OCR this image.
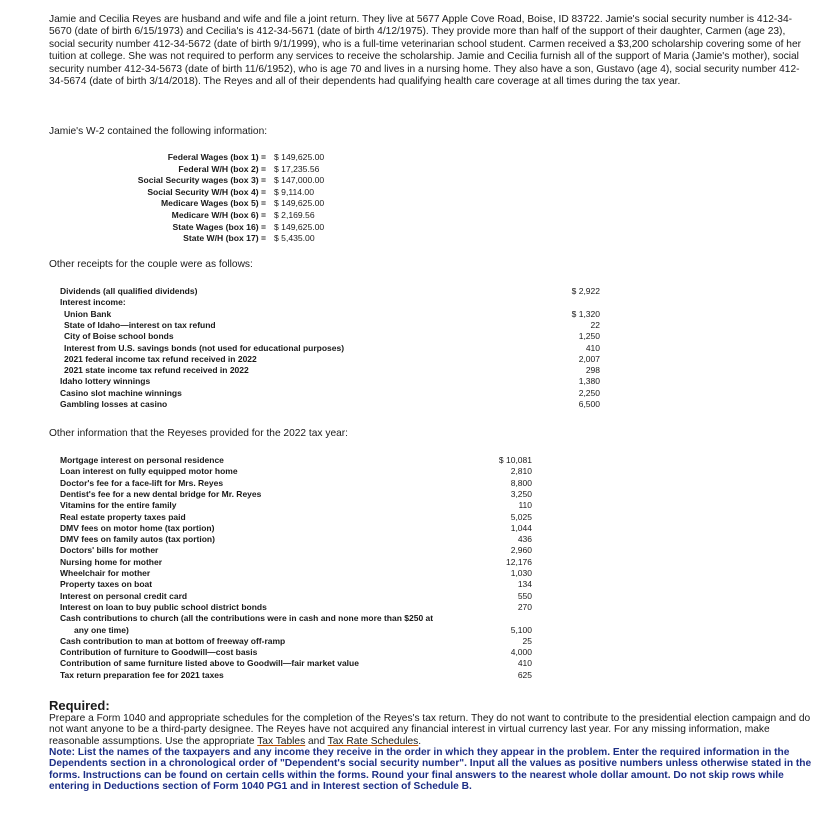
Jamie and Cecilia Reyes are husband and wife and file a joint return. They live at 5677 Apple Cove Road, Boise, ID 83722. Jamie's social security number is 412-34-5670 (date of birth 6/15/1973) and Cecilia's is 412-34-5671 (date of birth 4/12/1975). They provide more than half of the support of their daughter, Carmen (age 23), social security number 412-34-5672 (date of birth 9/1/1999), who is a full-time veterinarian school student. Carmen received a $3,200 scholarship covering some of her tuition at college. She was not required to perform any services to receive the scholarship. Jamie and Cecilia furnish all of the support of Maria (Jamie's mother), social security number 412-34-5673 (date of birth 11/6/1952), who is age 70 and lives in a nursing home. They also have a son, Gustavo (age 4), social security number 412-34-5674 (date of birth 3/14/2018). The Reyes and all of their dependents had qualifying health care coverage at all times during the tax year.
Jamie's W-2 contained the following information:
Federal Wages (box 1) = $ 149,625.00
Federal W/H (box 2) = $ 17,235.56
Social Security wages (box 3) = $ 147,000.00
Social Security W/H (box 4) = $ 9,114.00
Medicare Wages (box 5) = $ 149,625.00
Medicare W/H (box 6) = $ 2,169.56
State Wages (box 16) = $ 149,625.00
State W/H (box 17) = $ 5,435.00
Other receipts for the couple were as follows:
Dividends (all qualified dividends)	$ 2,922
Interest income:
Union Bank	$ 1,320
State of Idaho—interest on tax refund	22
City of Boise school bonds	1,250
Interest from U.S. savings bonds (not used for educational purposes)	410
2021 federal income tax refund received in 2022	2,007
2021 state income tax refund received in 2022	298
Idaho lottery winnings	1,380
Casino slot machine winnings	2,250
Gambling losses at casino	6,500
Other information that the Reyeses provided for the 2022 tax year:
Mortgage interest on personal residence	$ 10,081
Loan interest on fully equipped motor home	2,810
Doctor's fee for a face-lift for Mrs. Reyes	8,800
Dentist's fee for a new dental bridge for Mr. Reyes	3,250
Vitamins for the entire family	110
Real estate property taxes paid	5,025
DMV fees on motor home (tax portion)	1,044
DMV fees on family autos (tax portion)	436
Doctors' bills for mother	2,960
Nursing home for mother	12,176
Wheelchair for mother	1,030
Property taxes on boat	134
Interest on personal credit card	550
Interest on loan to buy public school district bonds	270
Cash contributions to church (all the contributions were in cash and none more than $250 at
any one time)	5,100
Cash contribution to man at bottom of freeway off-ramp	25
Contribution of furniture to Goodwill—cost basis	4,000
Contribution of same furniture listed above to Goodwill—fair market value	410
Tax return preparation fee for 2021 taxes	625
Required:
Prepare a Form 1040 and appropriate schedules for the completion of the Reyes's tax return. They do not want to contribute to the presidential election campaign and do not want anyone to be a third-party designee. The Reyes have not acquired any financial interest in virtual currency last year. For any missing information, make reasonable assumptions. Use the appropriate Tax Tables and Tax Rate Schedules.
Note: List the names of the taxpayers and any income they receive in the order in which they appear in the problem. Enter the required information in the Dependents section in a chronological order of "Dependent's social security number". Input all the values as positive numbers unless otherwise stated in the forms. Instructions can be found on certain cells within the forms. Round your final answers to the nearest whole dollar amount. Do not skip rows while entering in Deductions section of Form 1040 PG1 and in Interest section of Schedule B.
